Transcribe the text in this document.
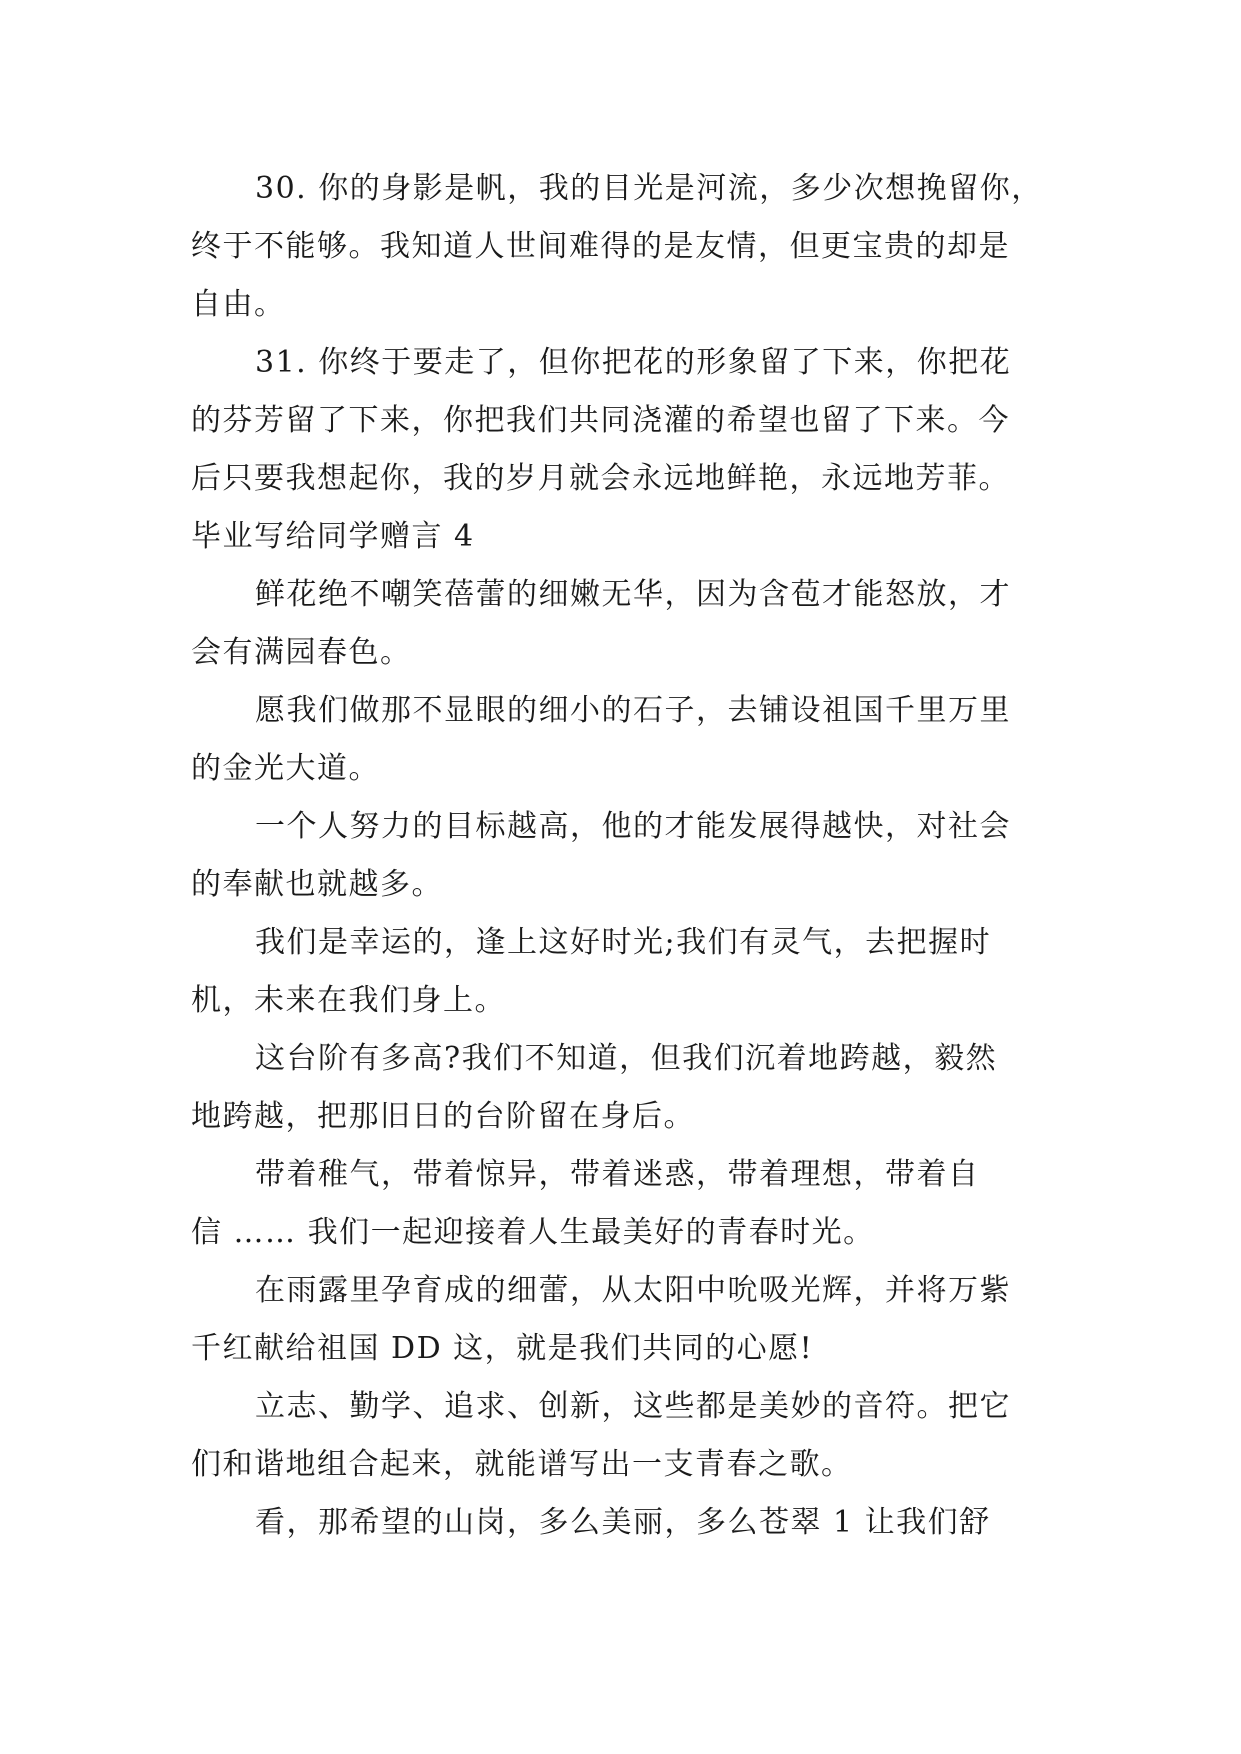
30. 你的身影是帆，我的目光是河流，多少次想挽留你，
终于不能够。我知道人世间难得的是友情，但更宝贵的却是
自由。
31. 你终于要走了，但你把花的形象留了下来，你把花
的芬芳留了下来，你把我们共同浇灌的希望也留了下来。今
后只要我想起你，我的岁月就会永远地鲜艳，永远地芳菲。
毕业写给同学赠言 4
鲜花绝不嘲笑蓓蕾的细嫩无华，因为含苞才能怒放，才
会有满园春色。
愿我们做那不显眼的细小的石子，去铺设祖国千里万里
的金光大道。
一个人努力的目标越高，他的才能发展得越快，对社会
的奉献也就越多。
我们是幸运的，逢上这好时光;我们有灵气，去把握时
机，未来在我们身上。
这台阶有多高?我们不知道，但我们沉着地跨越，毅然
地跨越，把那旧日的台阶留在身后。
带着稚气，带着惊异，带着迷惑，带着理想，带着自
信 …… 我们一起迎接着人生最美好的青春时光。
在雨露里孕育成的细蕾，从太阳中吮吸光辉，并将万紫
千红献给祖国 DD 这，就是我们共同的心愿!
立志、勤学、追求、创新，这些都是美妙的音符。把它
们和谐地组合起来，就能谱写出一支青春之歌。
看，那希望的山岗，多么美丽，多么苍翠 1 让我们舒
